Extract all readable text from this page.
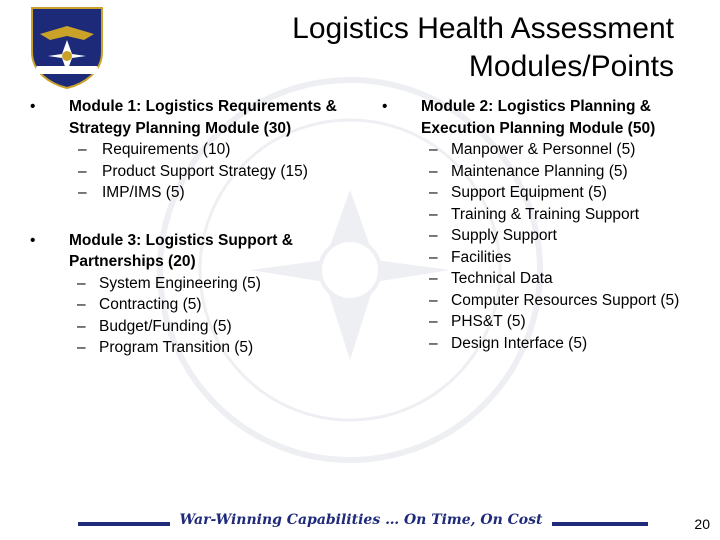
Logistics Health Assessment
Modules/Points
• Module 1: Logistics Requirements & Strategy Planning Module (30)
– Requirements (10)
– Product Support Strategy (15)
– IMP/IMS (5)
• Module 3: Logistics Support & Partnerships (20)
– System Engineering (5)
– Contracting (5)
– Budget/Funding (5)
– Program Transition (5)
• Module 2: Logistics Planning & Execution Planning Module (50)
– Manpower & Personnel (5)
– Maintenance Planning (5)
– Support Equipment (5)
– Training & Training Support
– Supply Support
– Facilities
– Technical Data
– Computer Resources Support (5)
– PHS&T (5)
– Design Interface (5)
War-Winning Capabilities … On Time, On Cost	20
